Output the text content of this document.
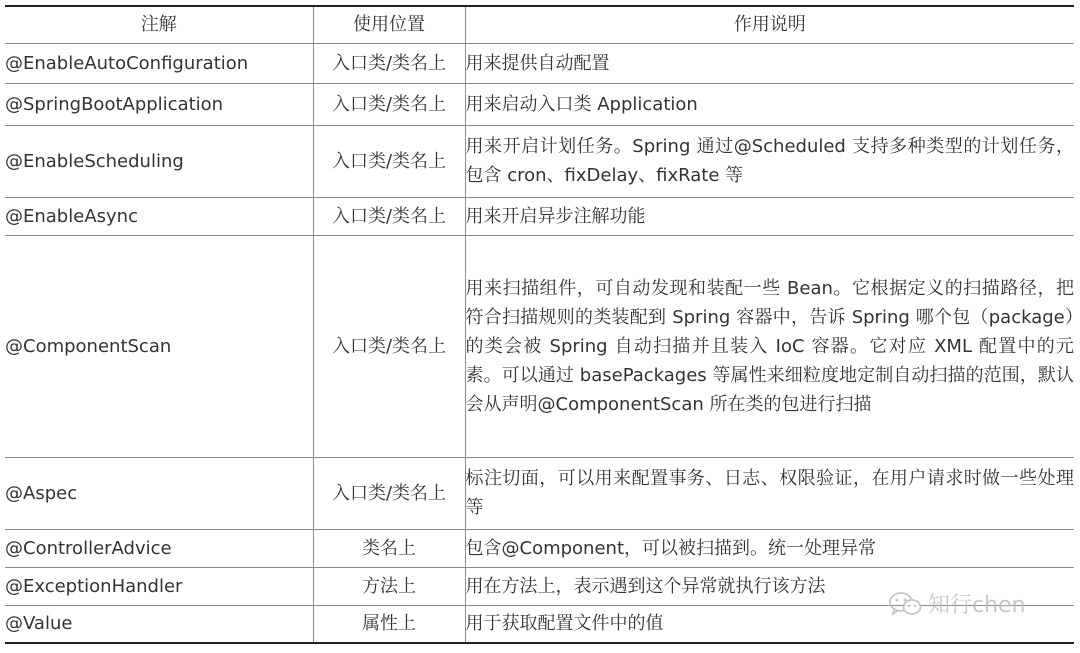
注解	使用位置	作用说明
@EnableAutoConfiguration	入口类/类名上	用来提供自动配置
@SpringBootApplication	入口类/类名上	用来启动入口类 Application
@EnableScheduling	入口类/类名上	用来开启计划任务。Spring 通过@Scheduled 支持多种类型的计划任务，包含 cron、fixDelay、fixRate 等
@EnableAsync	入口类/类名上	用来开启异步注解功能
@ComponentScan	入口类/类名上	用来扫描组件，可自动发现和装配一些 Bean。它根据定义的扫描路径，把符合扫描规则的类装配到 Spring 容器中，告诉 Spring 哪个包（package）的类会被 Spring 自动扫描并且装入 IoC 容器。它对应 XML 配置中的元素。可以通过 basePackages 等属性来细粒度地定制自动扫描的范围，默认会从声明@ComponentScan 所在类的包进行扫描
@Aspec	入口类/类名上	标注切面，可以用来配置事务、日志、权限验证，在用户请求时做一些处理等
@ControllerAdvice	类名上	包含@Component，可以被扫描到。统一处理异常
@ExceptionHandler	方法上	用在方法上，表示遇到这个异常就执行该方法
@Value	属性上	用于获取配置文件中的值
知行chen
